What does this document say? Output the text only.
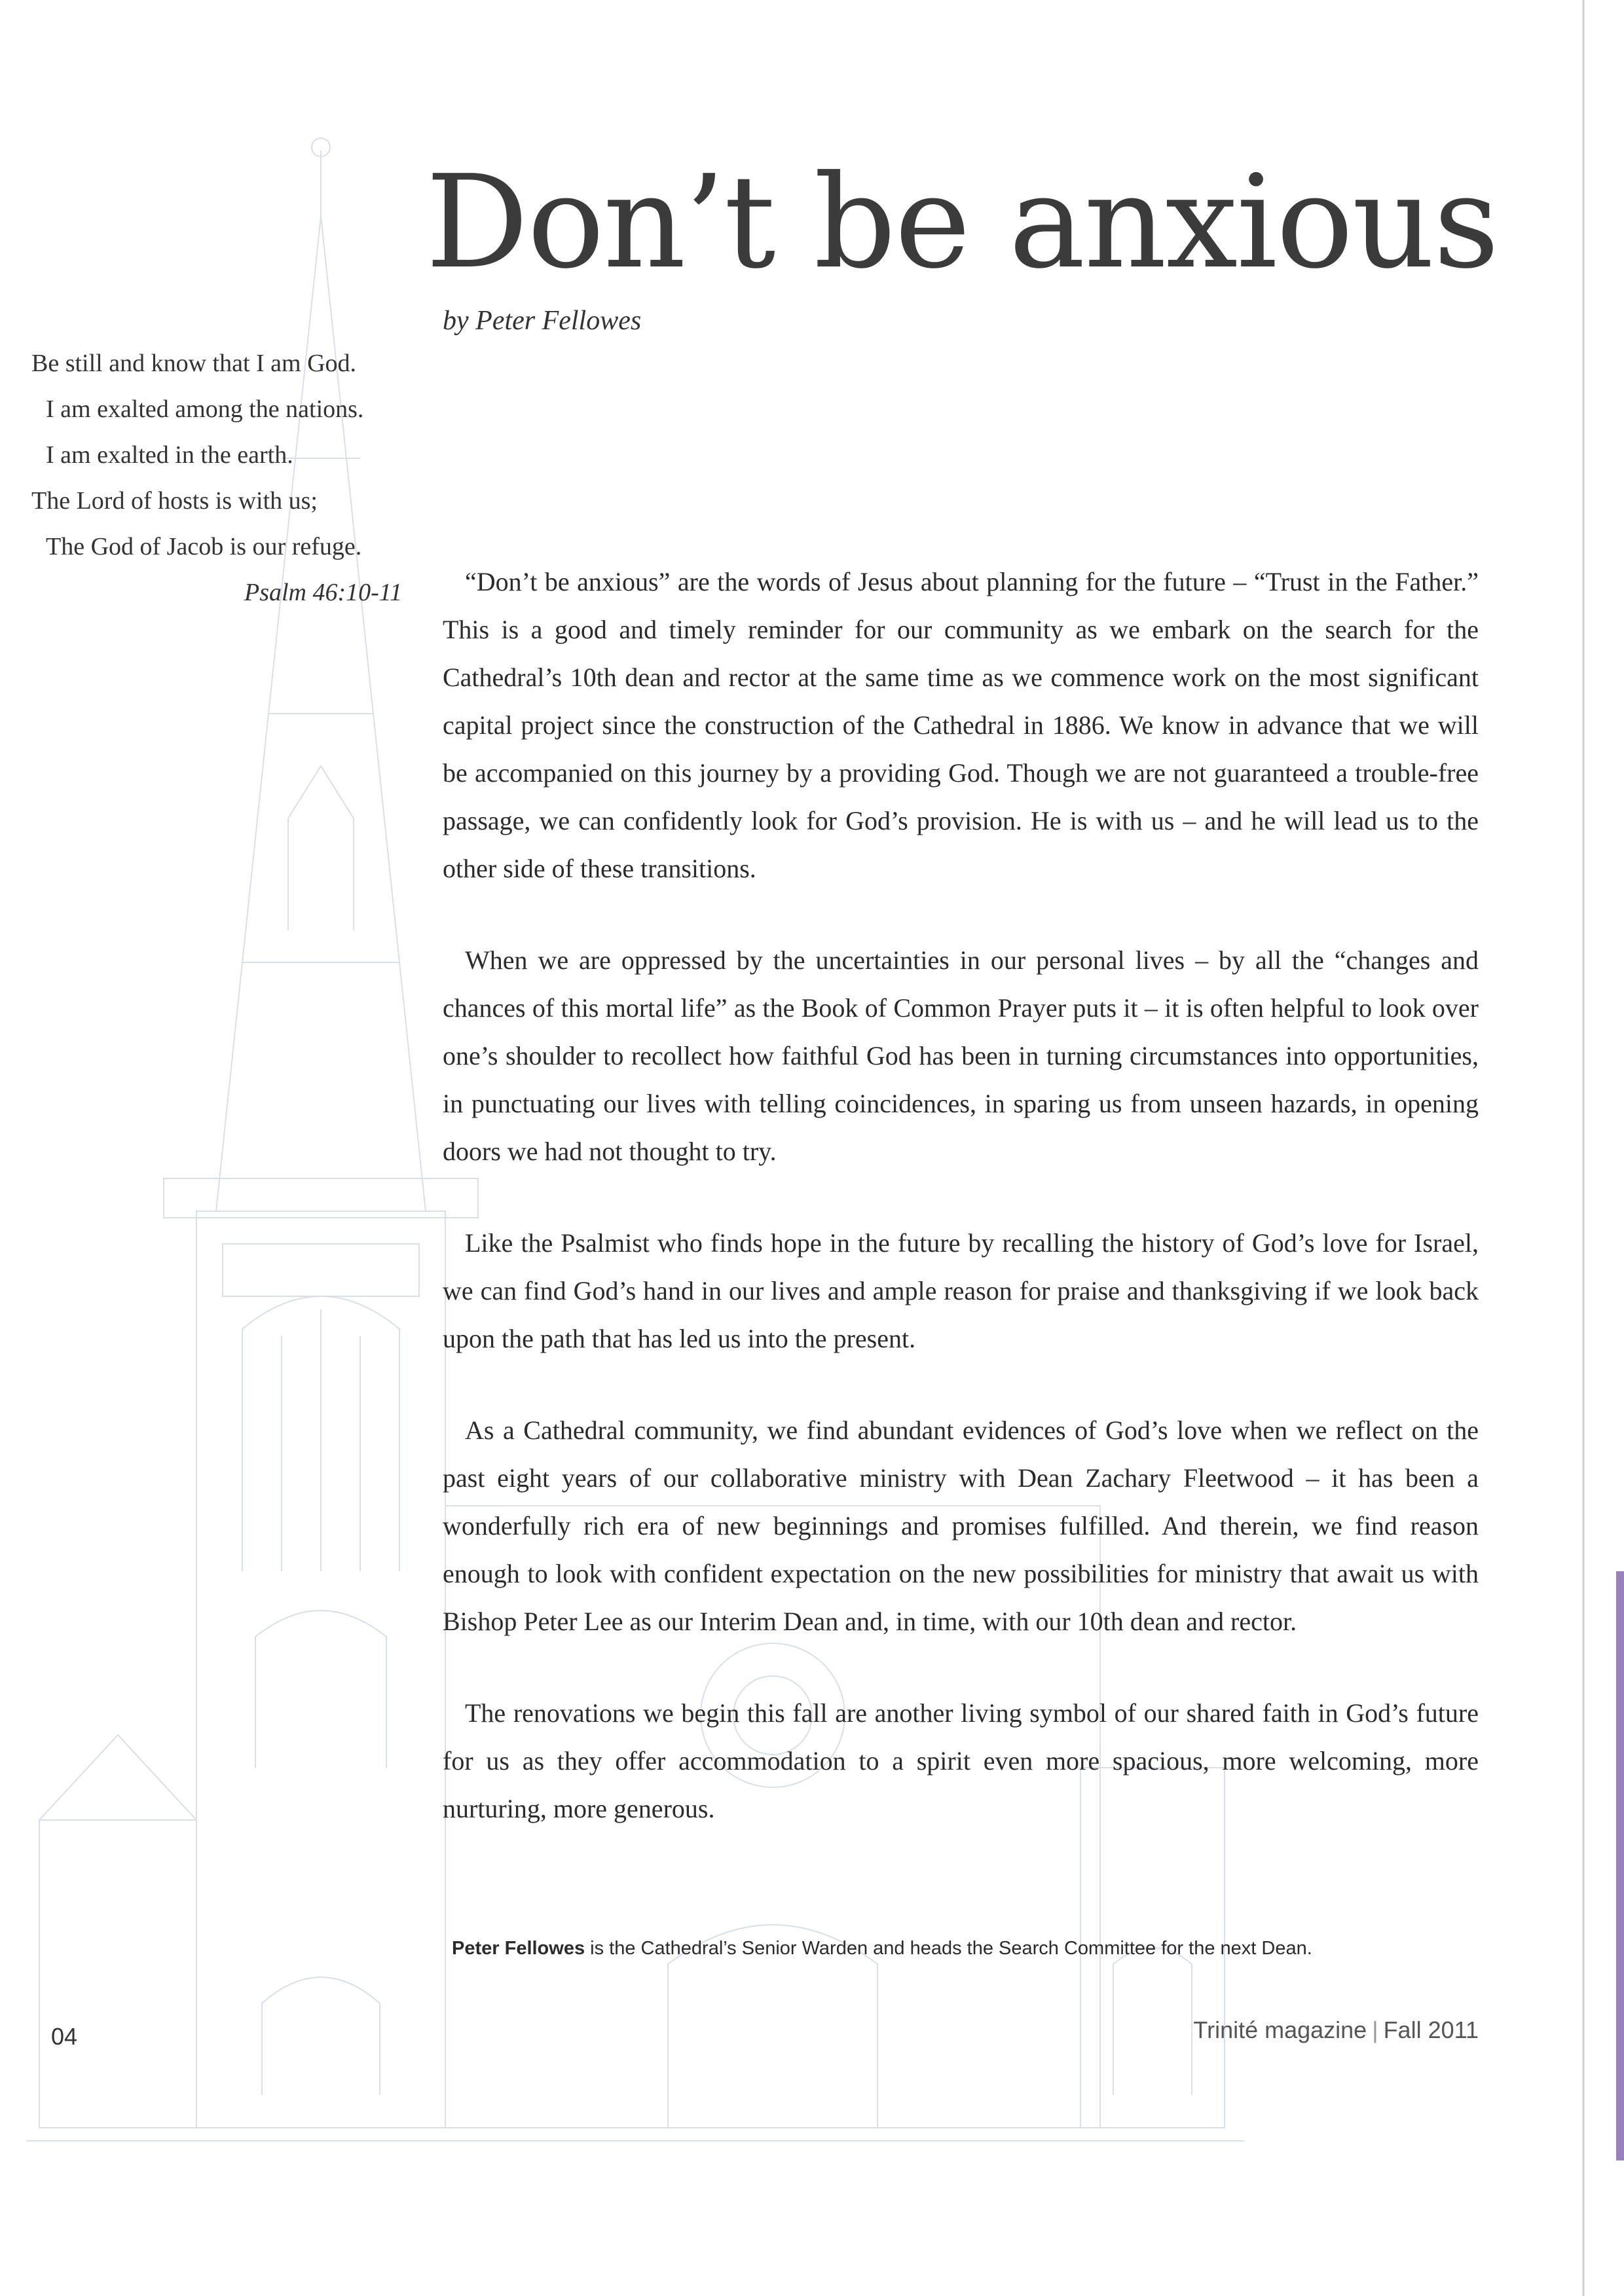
Don’t be anxious
by Peter Fellowes
Be still and know that I am God.
I am exalted among the nations.
I am exalted in the earth.
The Lord of hosts is with us;
The God of Jacob is our refuge.
Psalm 46:10-11	“Don’t be anxious” are the words of Jesus about planning for the future – “Trust in the Father.” This is a good and timely reminder for our community as we embark on the search for the Cathedral’s 10th dean and rector at the same time as we commence work on the most significant capital project since the construction of the Cathedral in 1886. We know in advance that we will be accompanied on this journey by a providing God. Though we are not guaranteed a trouble-free passage, we can confidently look for God’s provision. He is with us – and he will lead us to the other side of these transitions.

When we are oppressed by the uncertainties in our personal lives – by all the “changes and chances of this mortal life” as the Book of Common Prayer puts it – it is often helpful to look over one’s shoulder to recollect how faithful God has been in turning circumstances into opportunities, in punctuating our lives with telling coincidences, in sparing us from unseen hazards, in opening doors we had not thought to try.

Like the Psalmist who finds hope in the future by recalling the history of God’s love for Israel, we can find God’s hand in our lives and ample reason for praise and thanksgiving if we look back upon the path that has led us into the present.

As a Cathedral community, we find abundant evidences of God’s love when we reflect on the past eight years of our collaborative ministry with Dean Zachary Fleetwood – it has been a wonderfully rich era of new beginnings and promises fulfilled. And therein, we find reason enough to look with confident expectation on the new possibilities for ministry that await us with Bishop Peter Lee as our Interim Dean and, in time, with our 10th dean and rector.

The renovations we begin this fall are another living symbol of our shared faith in God’s future for us as they offer accommodation to a spirit even more spacious, more welcoming, more nurturing, more generous.

Peter Fellowes is the Cathedral’s Senior Warden and heads the Search Committee for the next Dean.
04	Trinité magazine | Fall 2011
